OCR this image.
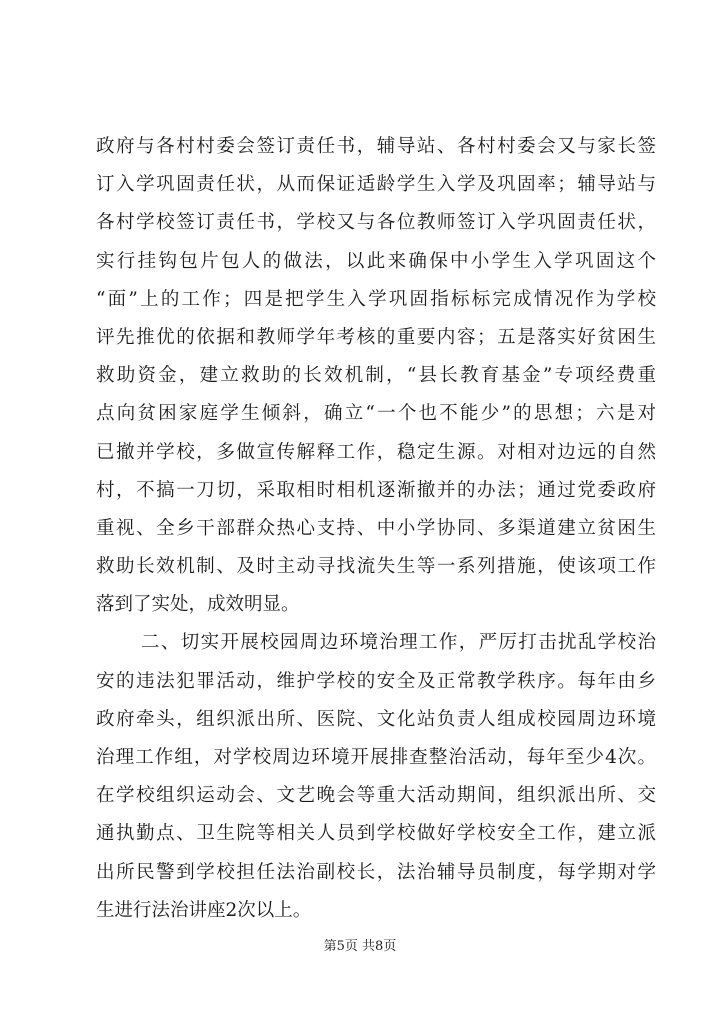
政府与各村村委会签订责任书，辅导站、各村村委会又与家长签
订入学巩固责任状，从而保证适龄学生入学及巩固率；辅导站与
各村学校签订责任书，学校又与各位教师签订入学巩固责任状，
实行挂钩包片包人的做法，以此来确保中小学生入学巩固这个
“面”上的工作；四是把学生入学巩固指标标完成情况作为学校
评先推优的依据和教师学年考核的重要内容；五是落实好贫困生
救助资金，建立救助的长效机制，“县长教育基金”专项经费重
点向贫困家庭学生倾斜，确立“一个也不能少”的思想；六是对
已撤并学校，多做宣传解释工作，稳定生源。对相对边远的自然
村，不搞一刀切，采取相时相机逐渐撤并的办法；通过党委政府
重视、全乡干部群众热心支持、中小学协同、多渠道建立贫困生
救助长效机制、及时主动寻找流失生等一系列措施，使该项工作
落到了实处，成效明显。
二、切实开展校园周边环境治理工作，严厉打击扰乱学校治
安的违法犯罪活动，维护学校的安全及正常教学秩序。每年由乡
政府牵头，组织派出所、医院、文化站负责人组成校园周边环境
治理工作组，对学校周边环境开展排查整治活动，每年至少4次。
在学校组织运动会、文艺晚会等重大活动期间，组织派出所、交
通执勤点、卫生院等相关人员到学校做好学校安全工作，建立派
出所民警到学校担任法治副校长，法治辅导员制度，每学期对学
生进行法治讲座2次以上。
第5页 共8页
